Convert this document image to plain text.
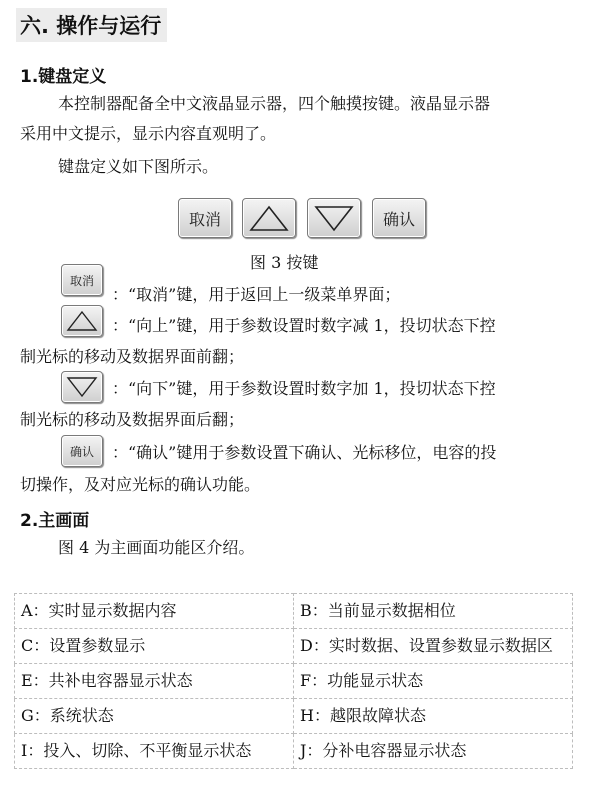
六. 操作与运行
1.键盘定义
本控制器配备全中文液晶显示器，四个触摸按键。液晶显示器
采用中文提示，显示内容直观明了。
键盘定义如下图所示。
取消	确认
图 3 按键
取消
：“取消”键，用于返回上一级菜单界面；
：“向上”键，用于参数设置时数字减 1，投切状态下控
制光标的移动及数据界面前翻；
：“向下”键，用于参数设置时数字加 1，投切状态下控
制光标的移动及数据界面后翻；
确认	：“确认”键用于参数设置下确认、光标移位，电容的投
切操作，及对应光标的确认功能。
2.主画面
图 4 为主画面功能区介绍。
A：实时显示数据内容	B：当前显示数据相位
C：设置参数显示	D：实时数据、设置参数显示数据区
E：共补电容器显示状态	F：功能显示状态
G：系统状态	H：越限故障状态
I：投入、切除、不平衡显示状态	J：分补电容器显示状态
